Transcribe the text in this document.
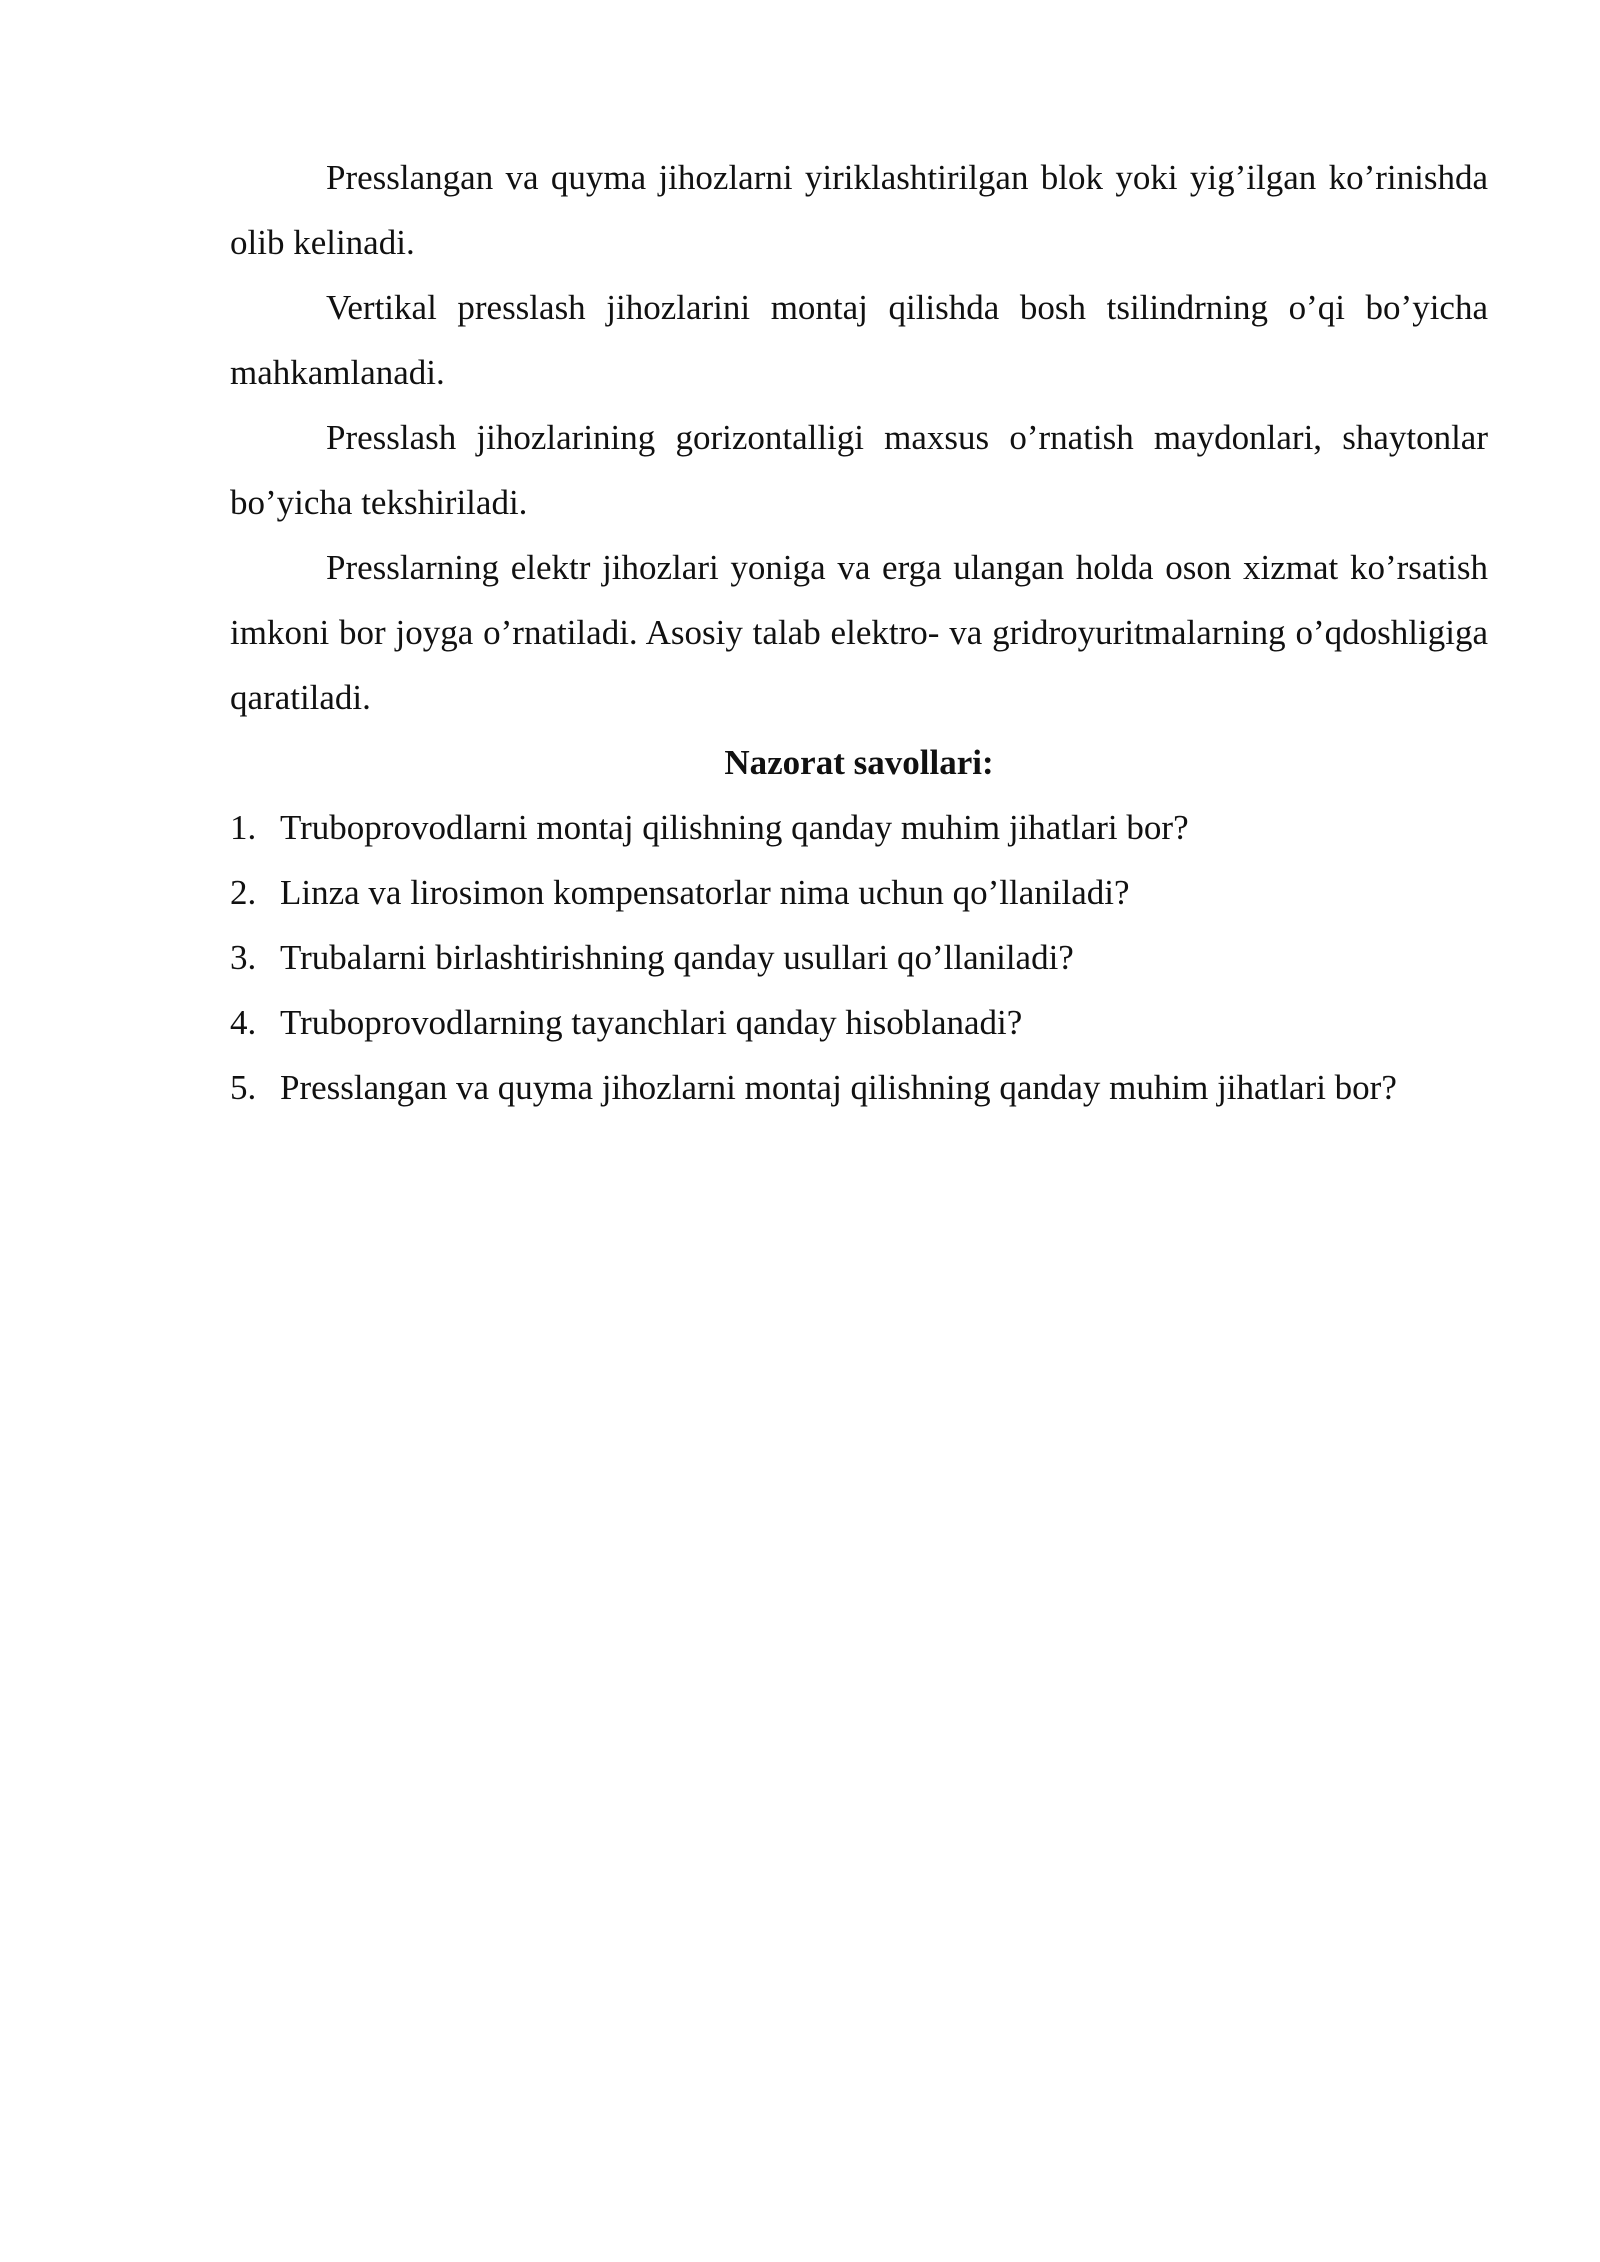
Presslangan va quyma jihozlarni yiriklashtirilgan blok yoki yig’ilgan ko’rinishda olib kelinadi.

Vertikal presslash jihozlarini montaj qilishda bosh tsilindrning o’qi bo’yicha mahkamlanadi.

Presslash jihozlarining gorizontalligi maxsus o’rnatish maydonlari, shaytonlar bo’yicha tekshiriladi.

Presslarning elektr jihozlari yoniga va erga ulangan holda oson xizmat ko’rsatish imkoni bor joyga o’rnatiladi. Asosiy talab elektro- va gridroyuritmalarning o’qdoshligiga qaratiladi.

Nazorat savollari:

1. Truboprovodlarni montaj qilishning qanday muhim jihatlari bor?
2. Linza va lirosimon kompensatorlar nima uchun qo’llaniladi?
3. Trubalarni birlashtirishning qanday usullari qo’llaniladi?
4. Truboprovodlarning tayanchlari qanday hisoblanadi?
5. Presslangan va quyma jihozlarni montaj qilishning qanday muhim jihatlari bor?
